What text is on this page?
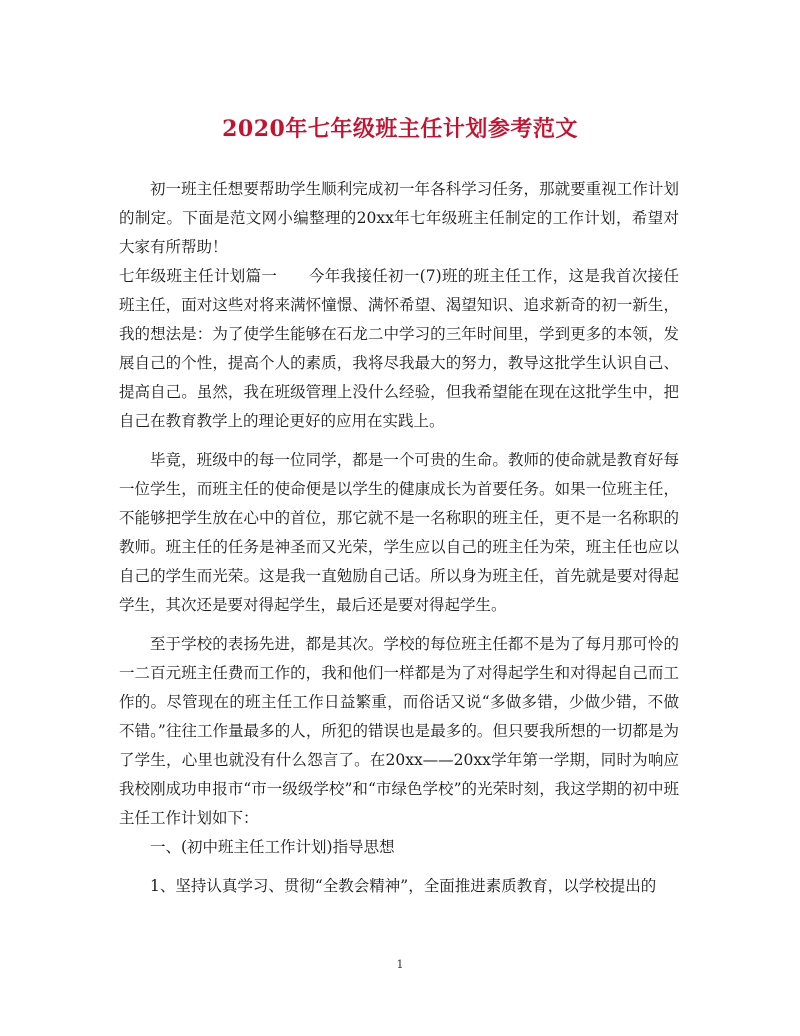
2020年七年级班主任计划参考范文

初一班主任想要帮助学生顺利完成初一年各科学习任务，那就要重视工作计划的制定。下面是范文网小编整理的20xx年七年级班主任制定的工作计划，希望对大家有所帮助！

七年级班主任计划篇一　　今年我接任初一(7)班的班主任工作，这是我首次接任班主任，面对这些对将来满怀憧憬、满怀希望、渴望知识、追求新奇的初一新生，我的想法是：为了使学生能够在石龙二中学习的三年时间里，学到更多的本领，发展自己的个性，提高个人的素质，我将尽我最大的努力，教导这批学生认识自己、提高自己。虽然，我在班级管理上没什么经验，但我希望能在现在这批学生中，把自己在教育教学上的理论更好的应用在实践上。

毕竟，班级中的每一位同学，都是一个可贵的生命。教师的使命就是教育好每一位学生，而班主任的使命便是以学生的健康成长为首要任务。如果一位班主任，不能够把学生放在心中的首位，那它就不是一名称职的班主任，更不是一名称职的教师。班主任的任务是神圣而又光荣，学生应以自己的班主任为荣，班主任也应以自己的学生而光荣。这是我一直勉励自己话。所以身为班主任，首先就是要对得起学生，其次还是要对得起学生，最后还是要对得起学生。

至于学校的表扬先进，都是其次。学校的每位班主任都不是为了每月那可怜的一二百元班主任费而工作的，我和他们一样都是为了对得起学生和对得起自己而工作的。尽管现在的班主任工作日益繁重，而俗话又说“多做多错，少做少错，不做不错。”往往工作量最多的人，所犯的错误也是最多的。但只要我所想的一切都是为了学生，心里也就没有什么怨言了。在20xx——20xx学年第一学期，同时为响应我校刚成功申报市“市一级级学校”和“市绿色学校”的光荣时刻，我这学期的初中班主任工作计划如下：

一、(初中班主任工作计划)指导思想

1、坚持认真学习、贯彻“全教会精神”，全面推进素质教育，以学校提出的

1
